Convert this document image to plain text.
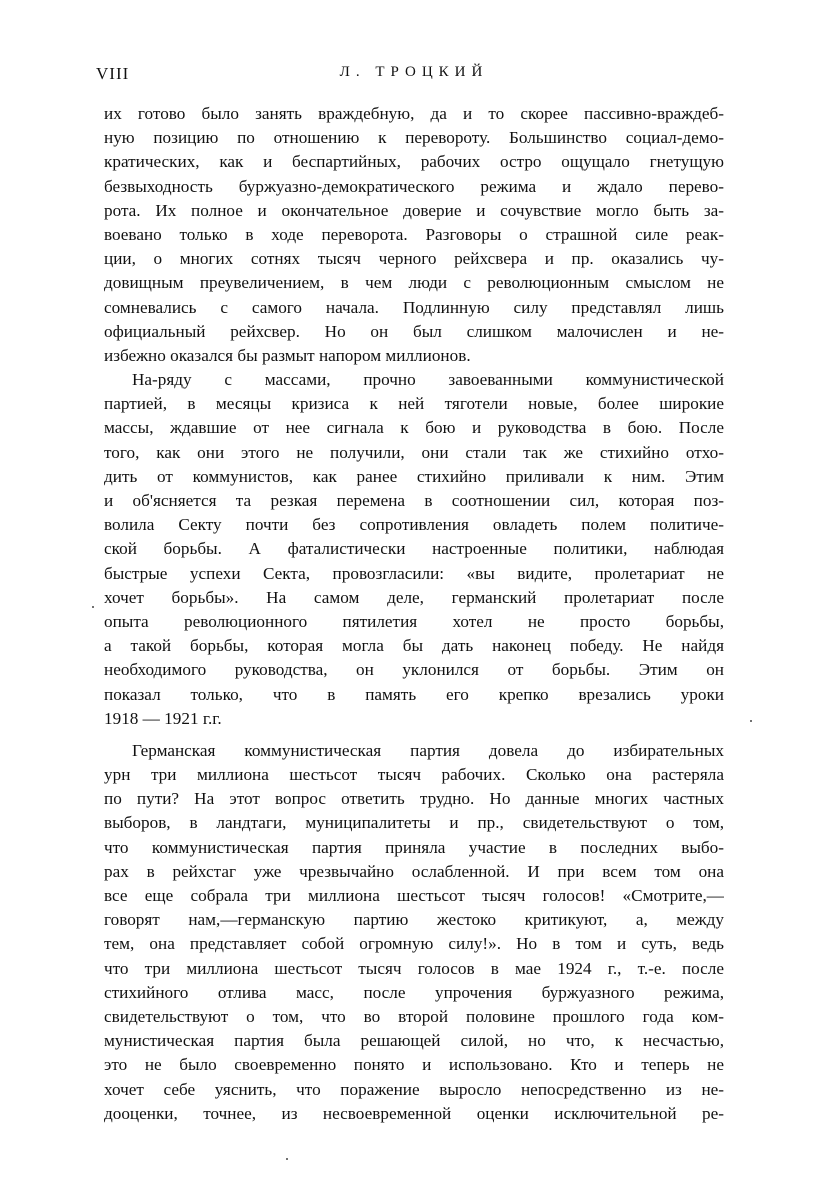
VIII	Л. ТРОЦКИЙ
их готово было занять враждебную, да и то скорее пассивно-враждеб-
ную позицию по отношению к перевороту. Большинство социал-демо-
кратических, как и беспартийных, рабочих остро ощущало гнетущую
безвыходность буржуазно-демократического режима и ждало перево-
рота. Их полное и окончательное доверие и сочувствие могло быть за-
воевано только в ходе переворота. Разговоры о страшной силе реак-
ции, о многих сотнях тысяч черного рейхсвера и пр. оказались чу-
довищным преувеличением, в чем люди с революционным смыслом не
сомневались с самого начала. Подлинную силу представлял лишь
официальный рейхсвер. Но он был слишком малочислен и не-
избежно оказался бы размыт напором миллионов.
На-ряду с массами, прочно завоеванными коммунистической
партией, в месяцы кризиса к ней тяготели новые, более широкие
массы, ждавшие от нее сигнала к бою и руководства в бою. После
того, как они этого не получили, они стали так же стихийно отхо-
дить от коммунистов, как ранее стихийно приливали к ним. Этим
и об'ясняется та резкая перемена в соотношении сил, которая поз-
волила Секту почти без сопротивления овладеть полем политиче-
ской борьбы. А фаталистически настроенные политики, наблюдая
быстрые успехи Секта, провозгласили: «вы видите, пролетариат не
хочет борьбы». На самом деле, германский пролетариат после
опыта революционного пятилетия хотел не просто борьбы,
а такой борьбы, которая могла бы дать наконец победу. Не найдя
необходимого руководства, он уклонился от борьбы. Этим он
показал только, что в память его крепко врезались уроки
1918 — 1921 г.г.
Германская коммунистическая партия довела до избирательных
урн три миллиона шестьсот тысяч рабочих. Сколько она растеряла
по пути? На этот вопрос ответить трудно. Но данные многих частных
выборов, в ландтаги, муниципалитеты и пр., свидетельствуют о том,
что коммунистическая партия приняла участие в последних выбо-
рах в рейхстаг уже чрезвычайно ослабленной. И при всем том она
все еще собрала три миллиона шестьсот тысяч голосов! «Смотрите,—
говорят нам,—германскую партию жестоко критикуют, а, между
тем, она представляет собой огромную силу!». Но в том и суть, ведь
что три миллиона шестьсот тысяч голосов в мае 1924 г., т.-е. после
стихийного отлива масс, после упрочения буржуазного режима,
свидетельствуют о том, что во второй половине прошлого года ком-
мунистическая партия была решающей силой, но что, к несчастью,
это не было своевременно понято и использовано. Кто и теперь не
хочет себе уяснить, что поражение выросло непосредственно из не-
дооценки, точнее, из несвоевременной оценки исключительной ре-
